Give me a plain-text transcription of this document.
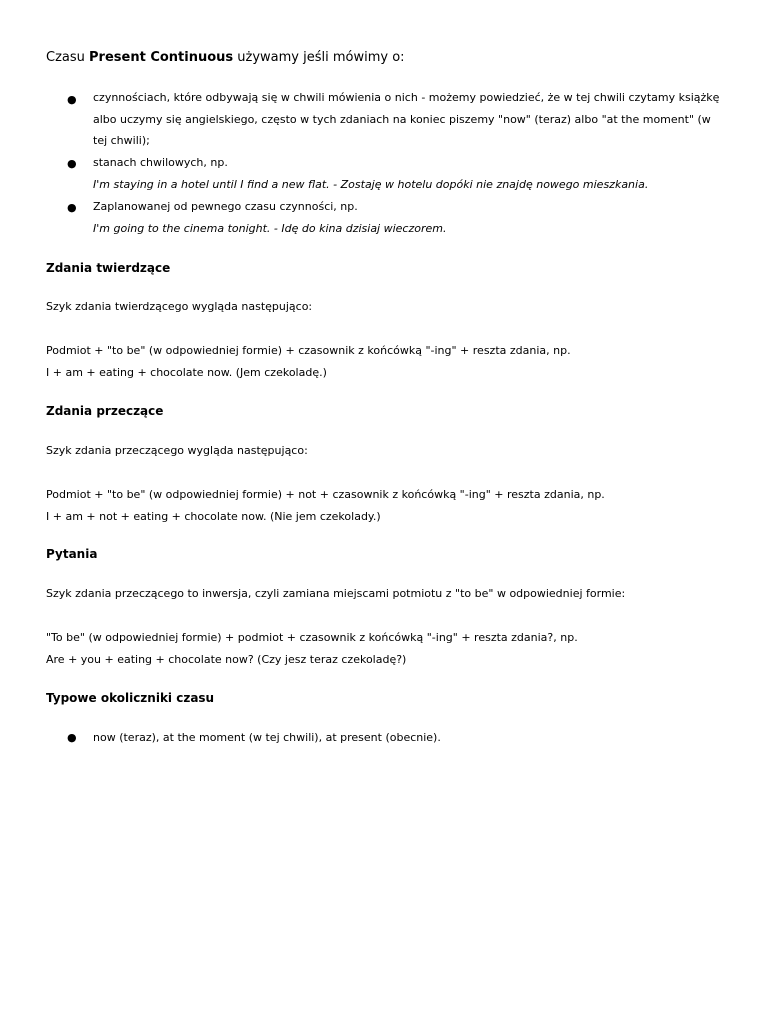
Czasu Present Continuous używamy jeśli mówimy o:
● czynnościach, które odbywają się w chwili mówienia o nich - możemy powiedzieć, że w tej chwili czytamy książkę albo uczymy się angielskiego, często w tych zdaniach na koniec piszemy "now" (teraz) albo "at the moment" (w tej chwili);
● stanach chwilowych, np.
I'm staying in a hotel until I find a new flat. - Zostaję w hotelu dopóki nie znajdę nowego mieszkania.
● Zaplanowanej od pewnego czasu czynności, np.
I'm going to the cinema tonight. - Idę do kina dzisiaj wieczorem.
Zdania twierdzące
Szyk zdania twierdzącego wygląda następująco:
Podmiot + "to be" (w odpowiedniej formie) + czasownik z końcówką "-ing" + reszta zdania, np.
I + am + eating + chocolate now. (Jem czekoladę.)
Zdania przeczące
Szyk zdania przeczącego wygląda następująco:
Podmiot + "to be" (w odpowiedniej formie) + not + czasownik z końcówką "-ing" + reszta zdania, np.
I + am + not + eating + chocolate now. (Nie jem czekolady.)
Pytania
Szyk zdania przeczącego to inwersja, czyli zamiana miejscami potmiotu z "to be" w odpowiedniej formie:
"To be" (w odpowiedniej formie) + podmiot + czasownik z końcówką "-ing" + reszta zdania?, np.
Are + you + eating + chocolate now? (Czy jesz teraz czekoladę?)
Typowe okoliczniki czasu
● now (teraz), at the moment (w tej chwili), at present (obecnie).
